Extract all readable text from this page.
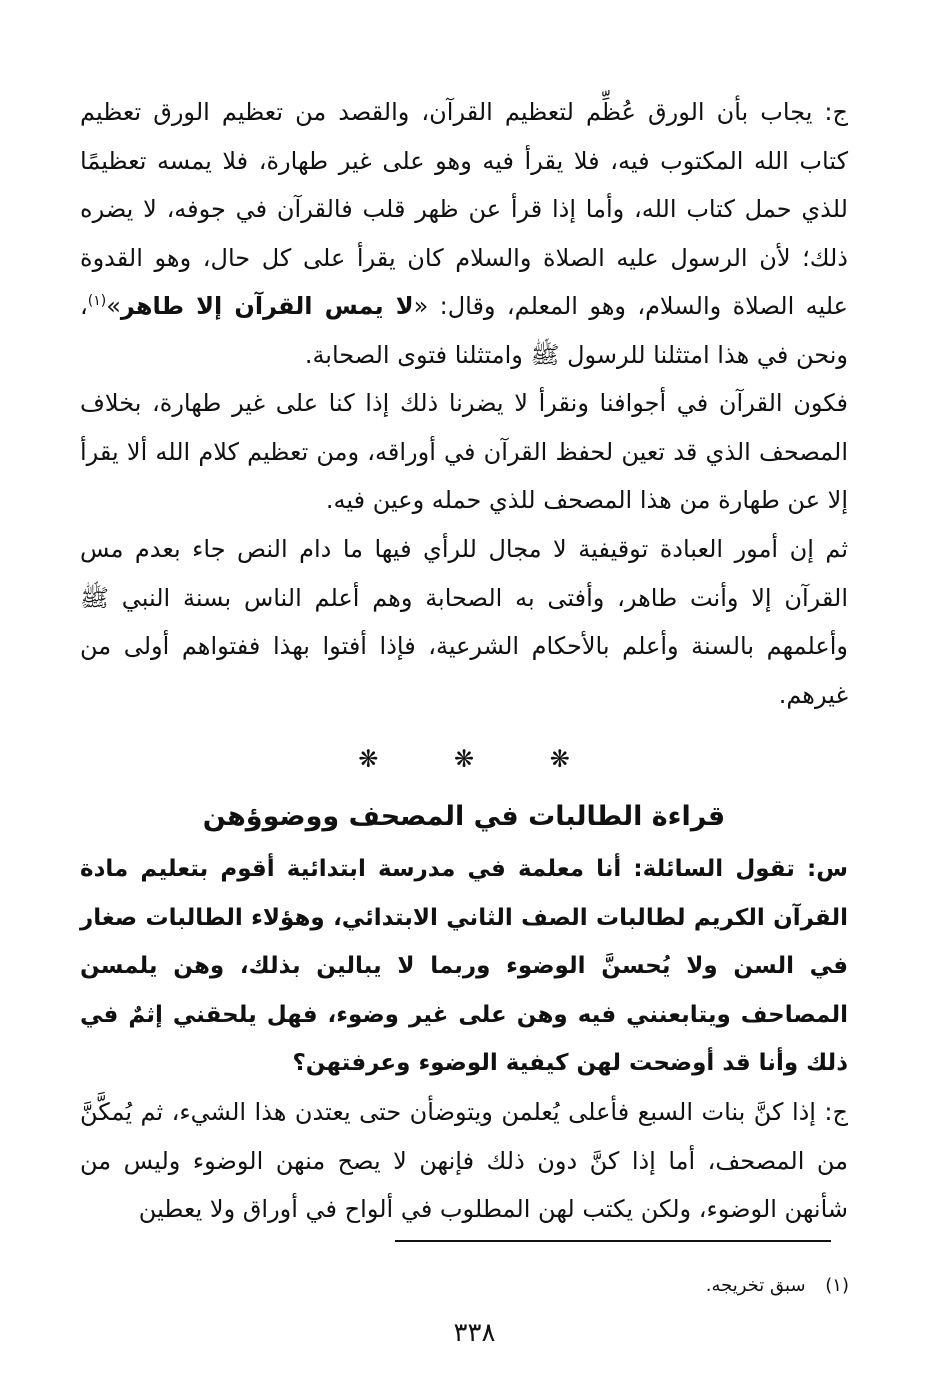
ج: يجاب بأن الورق عُظِّم لتعظيم القرآن، والقصد من تعظيم الورق تعظيم كتاب الله المكتوب فيه، فلا يقرأ فيه وهو على غير طهارة، فلا يمسه تعظيمًا للذي حمل كتاب الله، وأما إذا قرأ عن ظهر قلب فالقرآن في جوفه، لا يضره ذلك؛ لأن الرسول عليه الصلاة والسلام كان يقرأ على كل حال، وهو القدوة عليه الصلاة والسلام، وهو المعلم، وقال: «لا يمس القرآن إلا طاهر»$^{(١)}$، ونحن في هذا امتثلنا للرسول ﷺ وامتثلنا فتوى الصحابة.

فكون القرآن في أجوافنا ونقرأ لا يضرنا ذلك إذا كنا على غير طهارة، بخلاف المصحف الذي قد تعين لحفظ القرآن في أوراقه، ومن تعظيم كلام الله ألا يقرأ إلا عن طهارة من هذا المصحف للذي حمله وعين فيه.

ثم إن أمور العبادة توقيفية لا مجال للرأي فيها ما دام النص جاء بعدم مس القرآن إلا وأنت طاهر، وأفتى به الصحابة وهم أعلم الناس بسنة النبي ﷺ وأعلمهم بالسنة وأعلم بالأحكام الشرعية، فإذا أفتوا بهذا ففتواهم أولى من غيرهم.

❋	❋	❋
قراءة الطالبات في المصحف ووضوؤهن

س: تقول السائلة: أنا معلمة في مدرسة ابتدائية أقوم بتعليم مادة القرآن الكريم لطالبات الصف الثاني الابتدائي، وهؤلاء الطالبات صغار في السن ولا يُحسنَّ الوضوء وربما لا يبالين بذلك، وهن يلمسن المصاحف ويتابعنني فيه وهن على غير وضوء، فهل يلحقني إثمٌ في ذلك وأنا قد أوضحت لهن كيفية الوضوء وعرفتهن؟

ج: إذا كنَّ بنات السبع فأعلى يُعلمن ويتوضأن حتى يعتدن هذا الشيء، ثم يُمكَّنَّ من المصحف، أما إذا كنَّ دون ذلك فإنهن لا يصح منهن الوضوء وليس من شأنهن الوضوء، ولكن يكتب لهن المطلوب في ألواح في أوراق ولا يعطين

(١) سبق تخريجه.
٣٣٨
